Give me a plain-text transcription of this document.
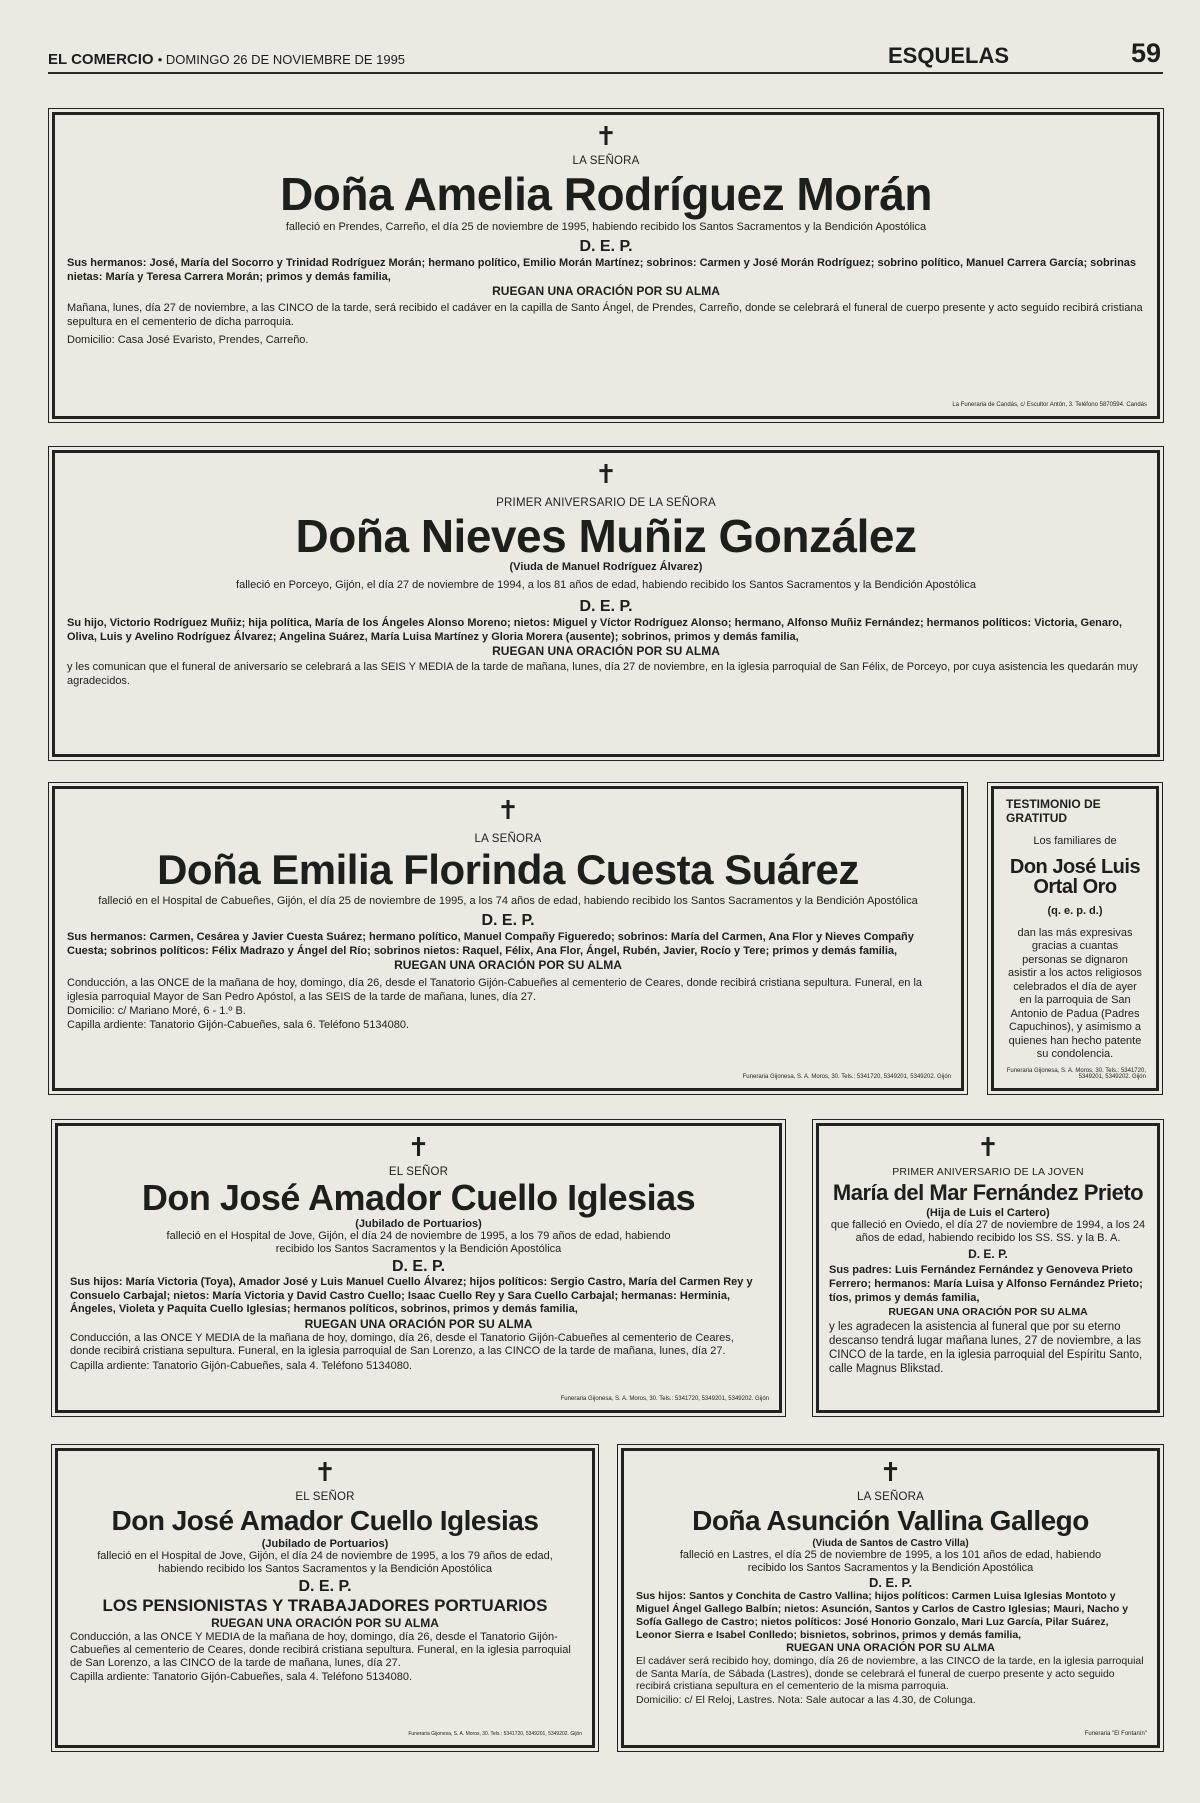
EL COMERCIO • DOMINGO 26 DE NOVIEMBRE DE 1995	ESQUELAS	59
✝
LA SEÑORA
Doña Amelia Rodríguez Morán
falleció en Prendes, Carreño, el día 25 de noviembre de 1995, habiendo recibido los Santos Sacramentos y la Bendición Apostólica
D. E. P.
Sus hermanos: José, María del Socorro y Trinidad Rodríguez Morán; hermano político, Emilio Morán Martínez; sobrinos: Carmen y José Morán Rodríguez; sobrino político, Manuel Carrera García; sobrinas nietas: María y Teresa Carrera Morán; primos y demás familia,
RUEGAN UNA ORACIÓN POR SU ALMA
Mañana, lunes, día 27 de noviembre, a las CINCO de la tarde, será recibido el cadáver en la capilla de Santo Ángel, de Prendes, Carreño, donde se celebrará el funeral de cuerpo presente y acto seguido recibirá cristiana sepultura en el cementerio de dicha parroquia.
Domicilio: Casa José Evaristo, Prendes, Carreño.
La Funeraria de Candás, c/ Escultor Antón, 3. Teléfono 5870594. Candás
✝
PRIMER ANIVERSARIO DE LA SEÑORA
Doña Nieves Muñiz González
(Viuda de Manuel Rodríguez Álvarez)
falleció en Porceyo, Gijón, el día 27 de noviembre de 1994, a los 81 años de edad, habiendo recibido los Santos Sacramentos y la Bendición Apostólica
D. E. P.
Su hijo, Victorio Rodríguez Muñiz; hija política, María de los Ángeles Alonso Moreno; nietos: Miguel y Víctor Rodríguez Alonso; hermano, Alfonso Muñiz Fernández; hermanos políticos: Victoria, Genaro, Oliva, Luis y Avelino Rodríguez Álvarez; Angelina Suárez, María Luisa Martínez y Gloria Morera (ausente); sobrinos, primos y demás familia,
RUEGAN UNA ORACIÓN POR SU ALMA
y les comunican que el funeral de aniversario se celebrará a las SEIS Y MEDIA de la tarde de mañana, lunes, día 27 de noviembre, en la iglesia parroquial de San Félix, de Porceyo, por cuya asistencia les quedarán muy agradecidos.
✝
LA SEÑORA
Doña Emilia Florinda Cuesta Suárez
falleció en el Hospital de Cabueñes, Gijón, el día 25 de noviembre de 1995, a los 74 años de edad, habiendo recibido los Santos Sacramentos y la Bendición Apostólica
D. E. P.
Sus hermanos: Carmen, Cesárea y Javier Cuesta Suárez; hermano político, Manuel Compañy Figueredo; sobrinos: María del Carmen, Ana Flor y Nieves Compañy Cuesta; sobrinos políticos: Félix Madrazo y Ángel del Río; sobrinos nietos: Raquel, Félix, Ana Flor, Ángel, Rubén, Javier, Rocío y Tere; primos y demás familia,
RUEGAN UNA ORACIÓN POR SU ALMA
Conducción, a las ONCE de la mañana de hoy, domingo, día 26, desde el Tanatorio Gijón-Cabueñes al cementerio de Ceares, donde recibirá cristiana sepultura. Funeral, en la iglesia parroquial Mayor de San Pedro Apóstol, a las SEIS de la tarde de mañana, lunes, día 27.
Domicilio: c/ Mariano Moré, 6 - 1.º B.
Capilla ardiente: Tanatorio Gijón-Cabueñes, sala 6. Teléfono 5134080.
Funeraria Gijonesa, S. A. Moros, 30. Tels.: 5341720, 5349201, 5349202. Gijón
TESTIMONIO DE GRATITUD
Los familiares de
Don José Luis Ortal Oro
(q. e. p. d.)
dan las más expresivas gracias a cuantas personas se dignaron asistir a los actos religiosos celebrados el día de ayer en la parroquia de San Antonio de Padua (Padres Capuchinos), y asimismo a quienes han hecho patente su condolencia.
Funeraria Gijonesa, S. A. Moros, 30. Tels.: 5341720, 5349201, 5349202. Gijón
✝
EL SEÑOR
Don José Amador Cuello Iglesias
(Jubilado de Portuarios)
falleció en el Hospital de Jove, Gijón, el día 24 de noviembre de 1995, a los 79 años de edad, habiendo recibido los Santos Sacramentos y la Bendición Apostólica
D. E. P.
Sus hijos: María Victoria (Toya), Amador José y Luis Manuel Cuello Álvarez; hijos políticos: Sergio Castro, María del Carmen Rey y Consuelo Carbajal; nietos: María Victoria y David Castro Cuello; Isaac Cuello Rey y Sara Cuello Carbajal; hermanas: Herminia, Ángeles, Violeta y Paquita Cuello Iglesias; hermanos políticos, sobrinos, primos y demás familia,
RUEGAN UNA ORACIÓN POR SU ALMA
Conducción, a las ONCE Y MEDIA de la mañana de hoy, domingo, día 26, desde el Tanatorio Gijón-Cabueñes al cementerio de Ceares, donde recibirá cristiana sepultura. Funeral, en la iglesia parroquial de San Lorenzo, a las CINCO de la tarde de mañana, lunes, día 27.
Capilla ardiente: Tanatorio Gijón-Cabueñes, sala 4. Teléfono 5134080.
Funeraria Gijonesa, S. A. Moros, 30. Tels.: 5341720, 5349201, 5349202. Gijón
✝
PRIMER ANIVERSARIO DE LA JOVEN
María del Mar Fernández Prieto
(Hija de Luis el Cartero)
que falleció en Oviedo, el día 27 de noviembre de 1994, a los 24 años de edad, habiendo recibido los SS. SS. y la B. A.
D. E. P.
Sus padres: Luis Fernández Fernández y Genoveva Prieto Ferrero; hermanos: María Luisa y Alfonso Fernández Prieto; tíos, primos y demás familia,
RUEGAN UNA ORACIÓN POR SU ALMA
y les agradecen la asistencia al funeral que por su eterno descanso tendrá lugar mañana lunes, 27 de noviembre, a las CINCO de la tarde, en la iglesia parroquial del Espíritu Santo, calle Magnus Blikstad.
✝
EL SEÑOR
Don José Amador Cuello Iglesias
(Jubilado de Portuarios)
falleció en el Hospital de Jove, Gijón, el día 24 de noviembre de 1995, a los 79 años de edad, habiendo recibido los Santos Sacramentos y la Bendición Apostólica
D. E. P.
LOS PENSIONISTAS Y TRABAJADORES PORTUARIOS
RUEGAN UNA ORACIÓN POR SU ALMA
Conducción, a las ONCE Y MEDIA de la mañana de hoy, domingo, día 26, desde el Tanatorio Gijón-Cabueñes al cementerio de Ceares, donde recibirá cristiana sepultura. Funeral, en la iglesia parroquial de San Lorenzo, a las CINCO de la tarde de mañana, lunes, día 27.
Capilla ardiente: Tanatorio Gijón-Cabueñes, sala 4. Teléfono 5134080.
Funeraria Gijonesa, S. A. Moros, 30. Tels.: 5341720, 5349201, 5349202. Gijón
✝
LA SEÑORA
Doña Asunción Vallina Gallego
(Viuda de Santos de Castro Villa)
falleció en Lastres, el día 25 de noviembre de 1995, a los 101 años de edad, habiendo recibido los Santos Sacramentos y la Bendición Apostólica
D. E. P.
Sus hijos: Santos y Conchita de Castro Vallina; hijos políticos: Carmen Luisa Iglesias Montoto y Miguel Ángel Gallego Balbín; nietos: Asunción, Santos y Carlos de Castro Iglesias; Mauri, Nacho y Sofía Gallego de Castro; nietos políticos: José Honorio Gonzalo, Mari Luz García, Pilar Suárez, Leonor Sierra e Isabel Conlledo; bisnietos, sobrinos, primos y demás familia,
RUEGAN UNA ORACIÓN POR SU ALMA
El cadáver será recibido hoy, domingo, día 26 de noviembre, a las CINCO de la tarde, en la iglesia parroquial de Santa María, de Sábada (Lastres), donde se celebrará el funeral de cuerpo presente y acto seguido recibirá cristiana sepultura en el cementerio de la misma parroquia.
Domicilio: c/ El Reloj, Lastres. Nota: Sale autocar a las 4.30, de Colunga.
Funeraria "El Fontanín"
